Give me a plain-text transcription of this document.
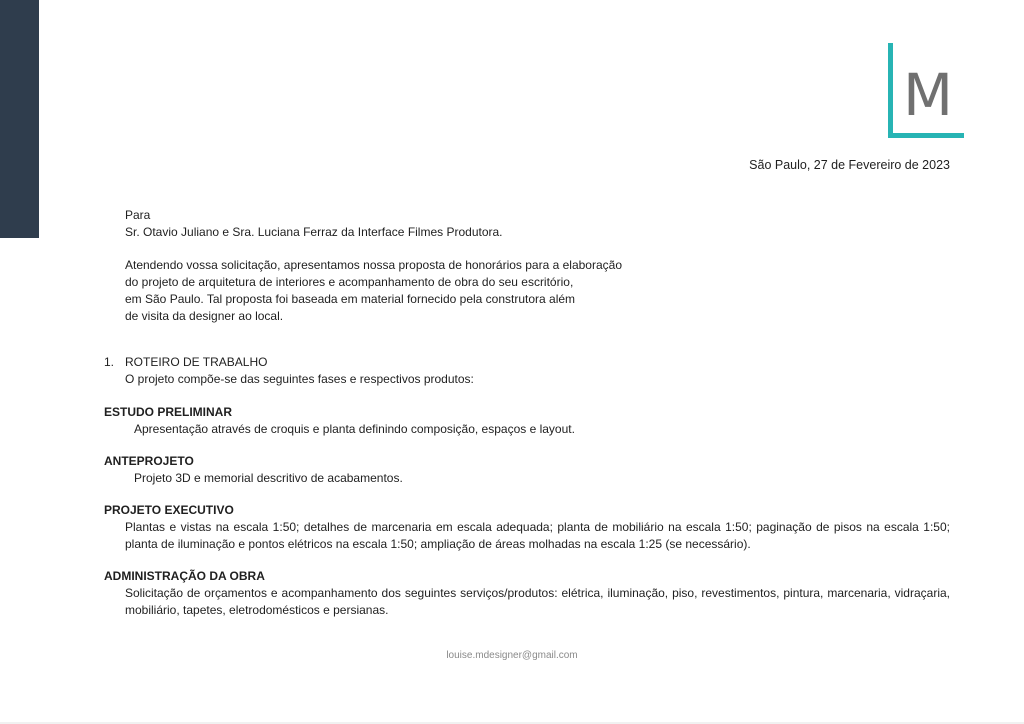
M
São Paulo, 27 de Fevereiro de 2023
Para
Sr. Otavio Juliano e Sra. Luciana Ferraz da Interface Filmes Produtora.
Atendendo vossa solicitação, apresentamos nossa proposta de honorários para a elaboração
do projeto de arquitetura de interiores e acompanhamento de obra do seu escritório,
em São Paulo. Tal proposta foi baseada em material fornecido pela construtora além
de visita da designer ao local.
1. ROTEIRO DE TRABALHO
O projeto compõe-se das seguintes fases e respectivos produtos:
ESTUDO PRELIMINAR
Apresentação através de croquis e planta definindo composição, espaços e layout.
ANTEPROJETO
Projeto 3D e memorial descritivo de acabamentos.
PROJETO EXECUTIVO
Plantas e vistas na escala 1:50; detalhes de marcenaria em escala adequada; planta de mobiliário na escala 1:50; paginação de pisos na escala 1:50; planta de iluminação e pontos elétricos na escala 1:50; ampliação de áreas molhadas na escala 1:25 (se necessário).
ADMINISTRAÇÃO DA OBRA
Solicitação de orçamentos e acompanhamento dos seguintes serviços/produtos: elétrica, iluminação, piso, revestimentos, pintura, marcenaria, vidraçaria, mobiliário, tapetes, eletrodomésticos e persianas.
louise.mdesigner@gmail.com
